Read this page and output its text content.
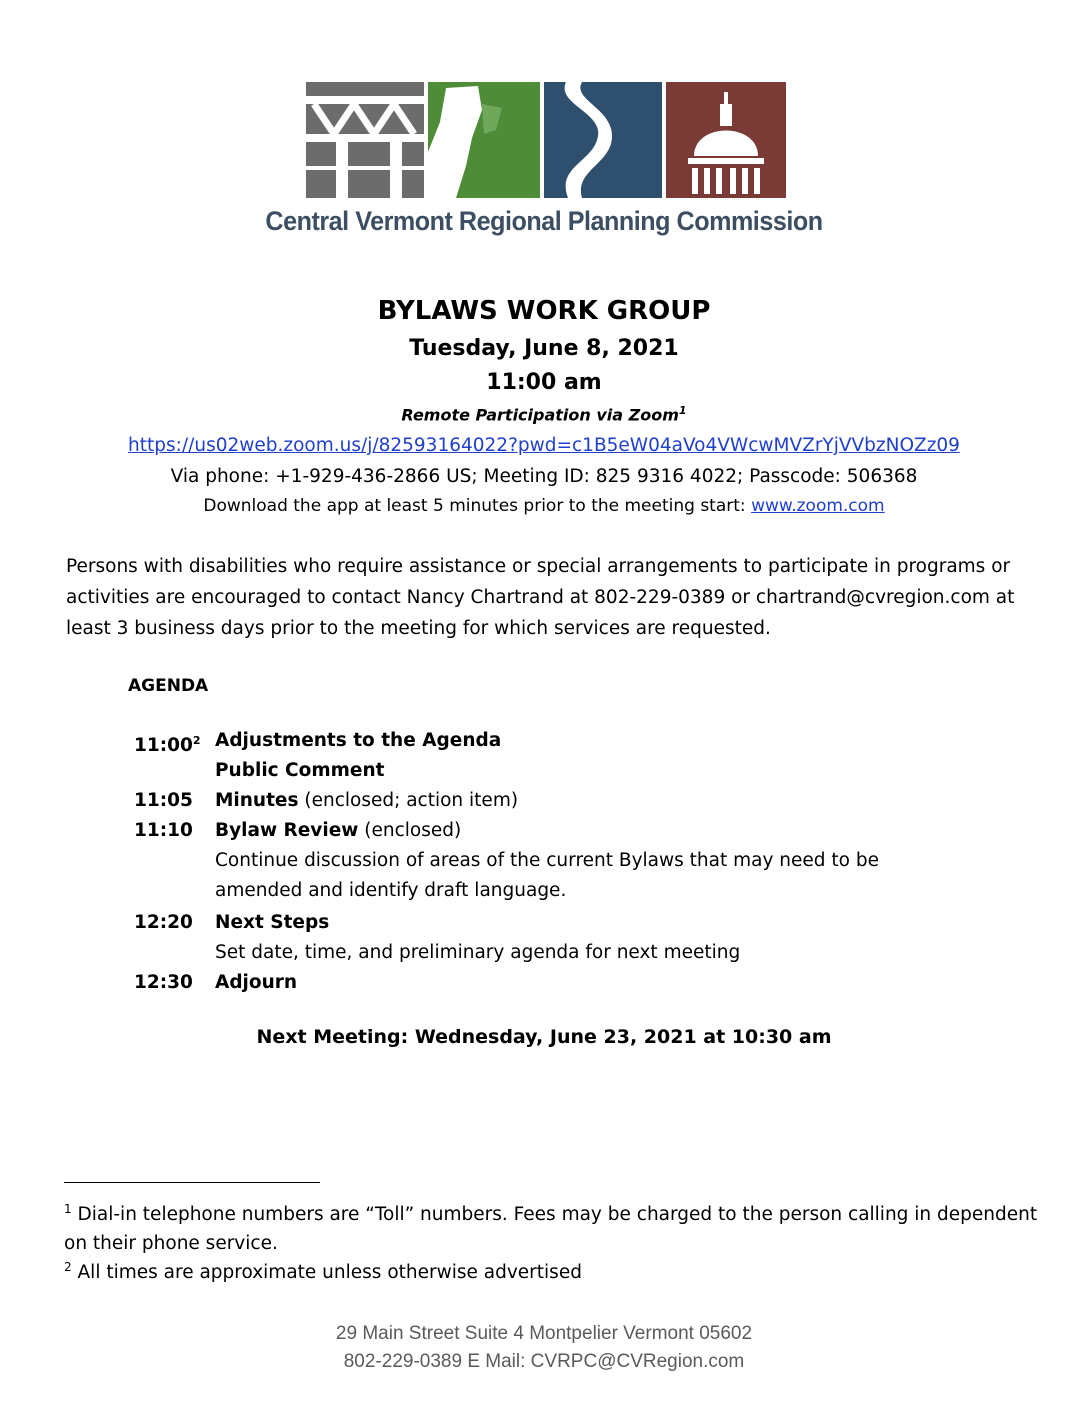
Central Vermont Regional Planning Commission
BYLAWS WORK GROUP
Tuesday, June 8, 2021
11:00 am
Remote Participation via Zoom$^1$
https://us02web.zoom.us/j/82593164022?pwd=c1B5eW04aVo4VWcwMVZrYjVVbzNOZz09
Via phone: +1-929-436-2866 US; Meeting ID: 825 9316 4022; Passcode: 506368
Download the app at least 5 minutes prior to the meeting start: www.zoom.com
Persons with disabilities who require assistance or special arrangements to participate in programs or activities are encouraged to contact Nancy Chartrand at 802-229-0389 or chartrand@cvregion.com at least 3 business days prior to the meeting for which services are requested.
AGENDA
$11:00^2$ Adjustments to the Agenda
Public Comment
11:05 Minutes (enclosed; action item)
11:10 Bylaw Review (enclosed)
Continue discussion of areas of the current Bylaws that may need to be amended and identify draft language.
12:20 Next Steps
Set date, time, and preliminary agenda for next meeting
12:30 Adjourn
Next Meeting: Wednesday, June 23, 2021 at 10:30 am
$^1$ Dial-in telephone numbers are “Toll” numbers. Fees may be charged to the person calling in dependent on their phone service.
$^2$ All times are approximate unless otherwise advertised
29 Main Street Suite 4 Montpelier Vermont 05602
802-229-0389 E Mail: CVRPC@CVRegion.com
